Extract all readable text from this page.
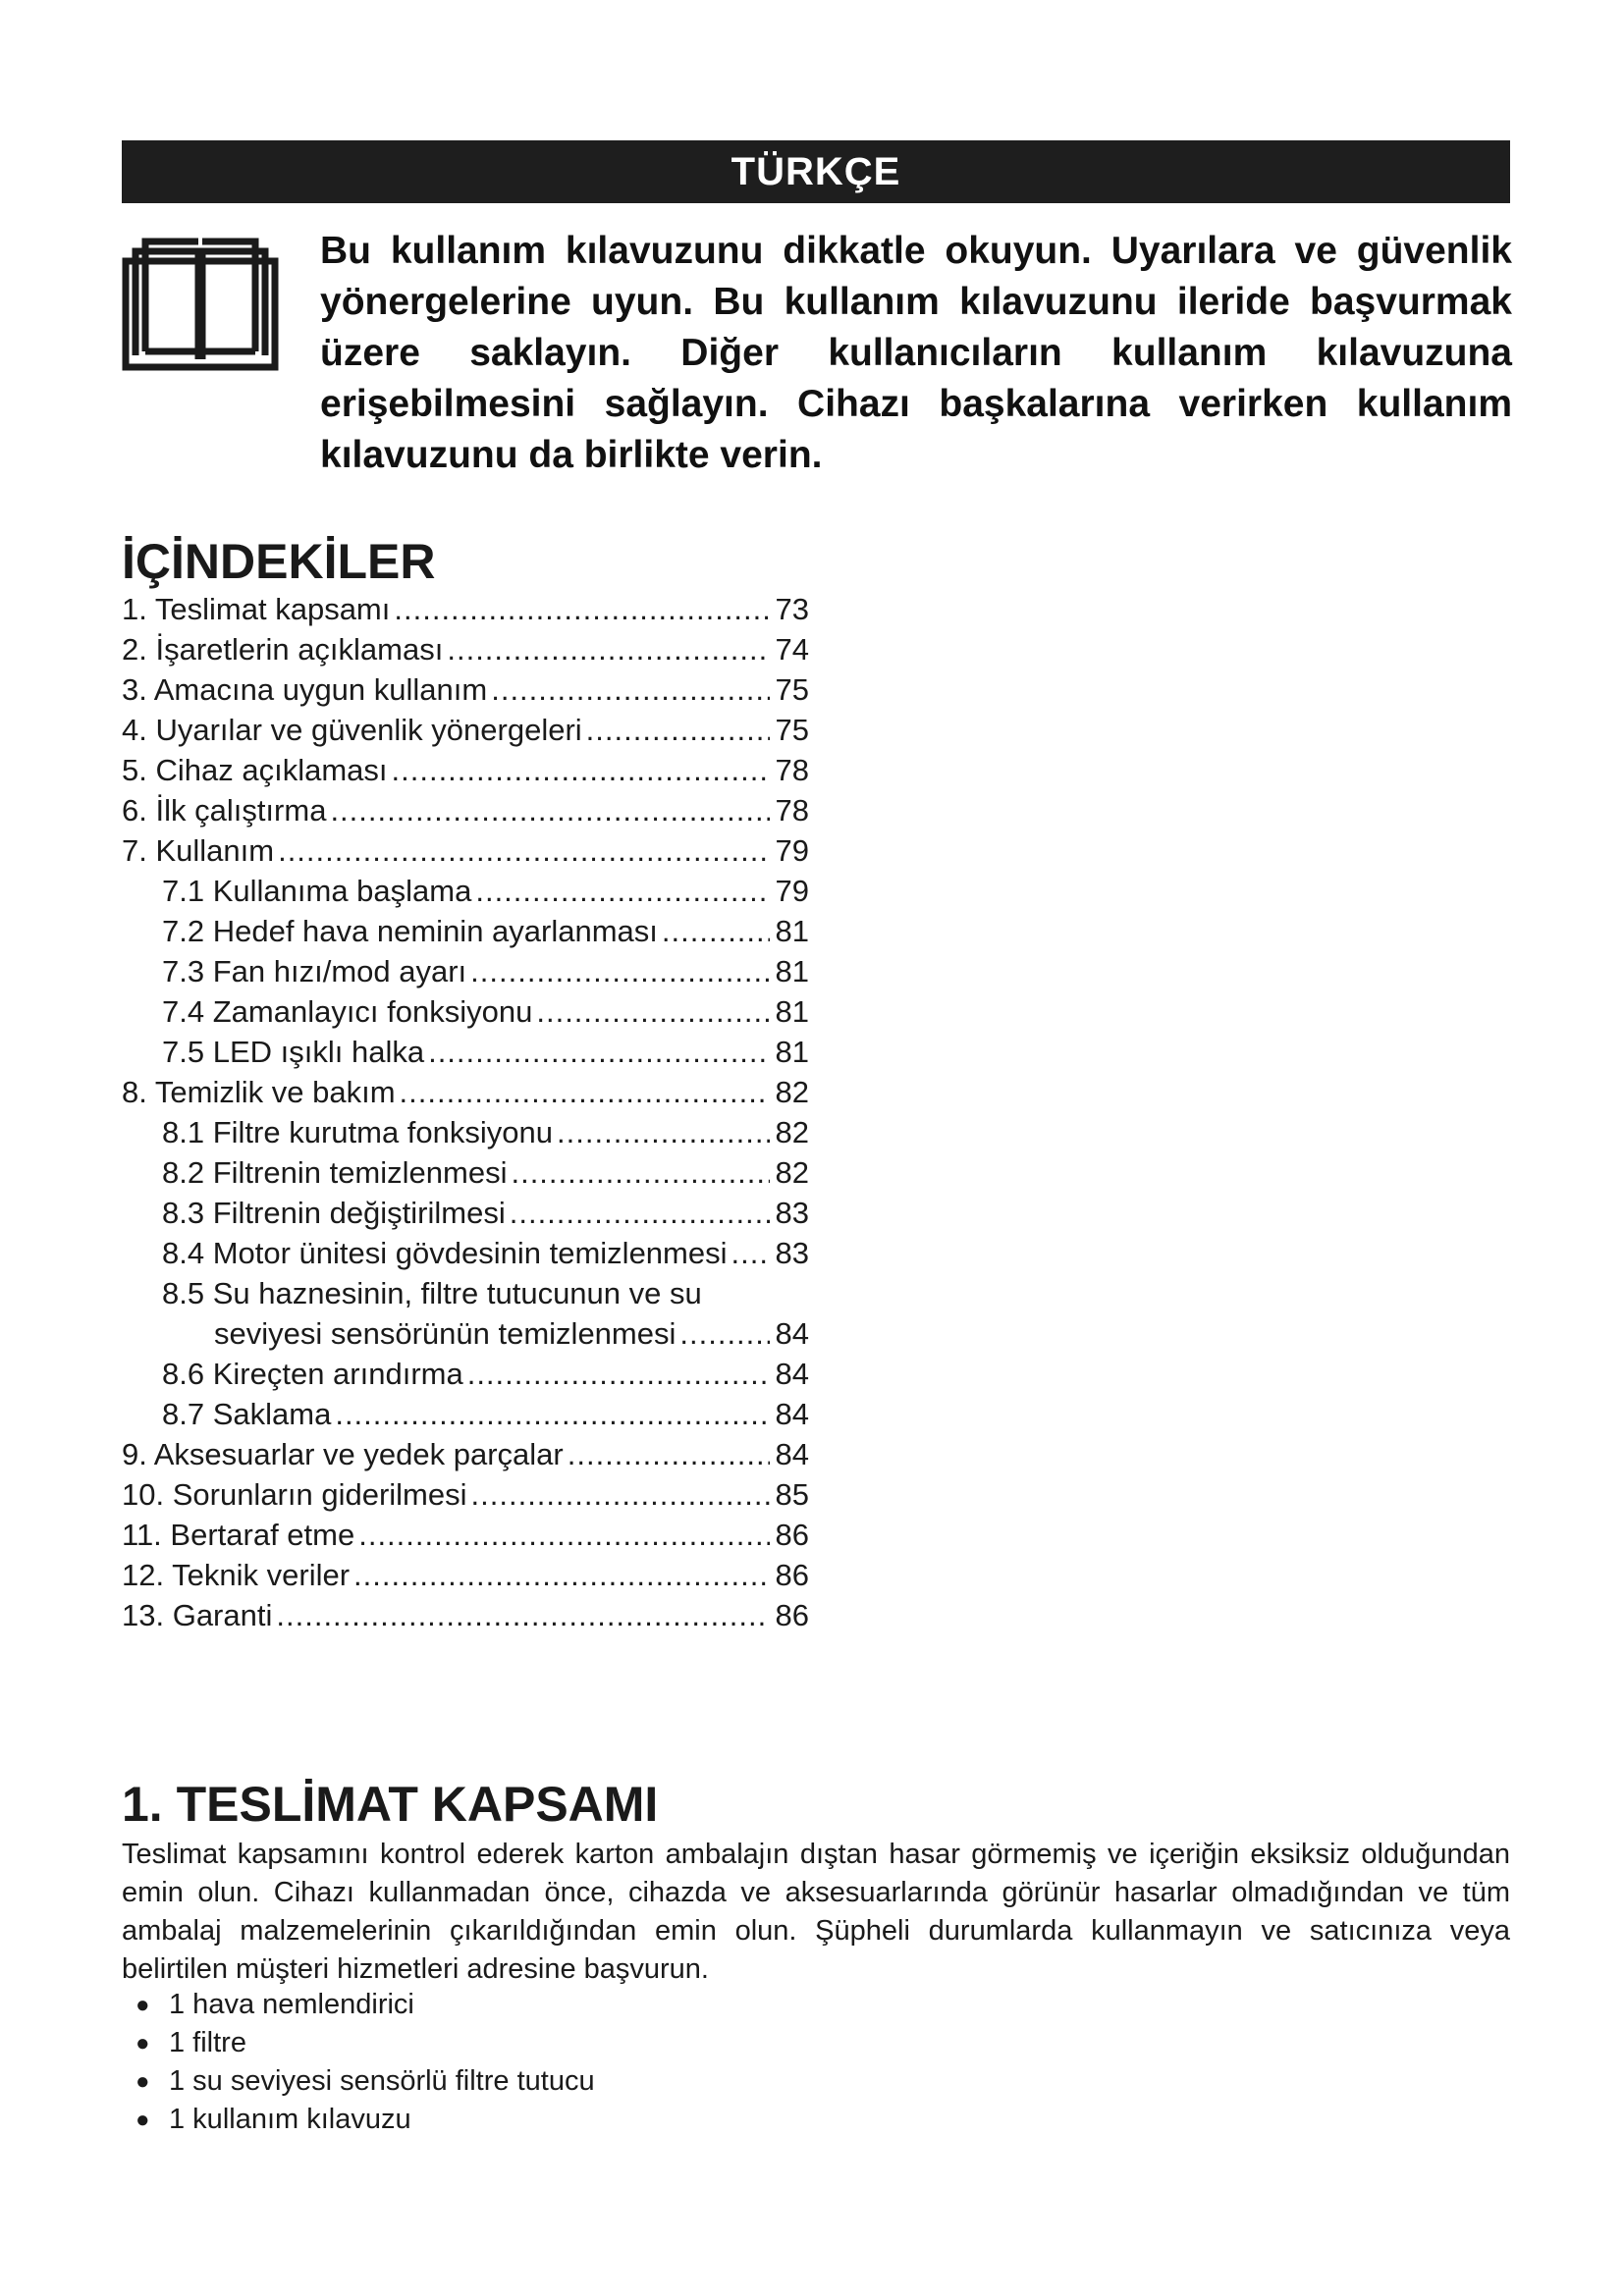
TÜRKÇE

Bu kullanım kılavuzunu dikkatle okuyun. Uyarılara ve güvenlik yönergelerine uyun. Bu kullanım kılavuzunu ileride başvurmak üzere saklayın. Diğer kullanıcıların kullanım kılavuzuna erişebilmesini sağlayın. Cihazı başkalarına verirken kullanım kılavuzunu da birlikte verin.

İÇİNDEKİLER
1. Teslimat kapsamı .....	73
2. İşaretlerin açıklaması .....	74
3. Amacına uygun kullanım .....	75
4. Uyarılar ve güvenlik yönergeleri .....	75
5. Cihaz açıklaması .....	78
6. İlk çalıştırma .....	78
7. Kullanım .....	79
7.1 Kullanıma başlama .....	79
7.2 Hedef hava neminin ayarlanması .....	81
7.3 Fan hızı/mod ayarı .....	81
7.4 Zamanlayıcı fonksiyonu .....	81
7.5 LED ışıklı halka .....	81
8. Temizlik ve bakım .....	82
8.1 Filtre kurutma fonksiyonu .....	82
8.2 Filtrenin temizlenmesi .....	82
8.3 Filtrenin değiştirilmesi .....	83
8.4 Motor ünitesi gövdesinin temizlenmesi ..... 83
8.5 Su haznesinin, filtre tutucunun ve su
seviyesi sensörünün temizlenmesi .....	84
8.6 Kireçten arındırma .....	84
8.7 Saklama .....	84
9. Aksesuarlar ve yedek parçalar .....	84
10. Sorunların giderilmesi .....	85
11. Bertaraf etme .....	86
12. Teknik veriler .....	86
13. Garanti .....	86
1. TESLİMAT KAPSAMI

Teslimat kapsamını kontrol ederek karton ambalajın dıştan hasar görmemiş ve içeriğin eksiksiz olduğundan emin olun. Cihazı kullanmadan önce, cihazda ve aksesuarlarında görünür hasarlar olmadığından ve tüm ambalaj malzemelerinin çıkarıldığından emin olun. Şüpheli durumlarda kullanmayın ve satıcınıza veya belirtilen müşteri hizmetleri adresine başvurun.

● 1 hava nemlendirici
● 1 filtre
● 1 su seviyesi sensörlü filtre tutucu
● 1 kullanım kılavuzu
